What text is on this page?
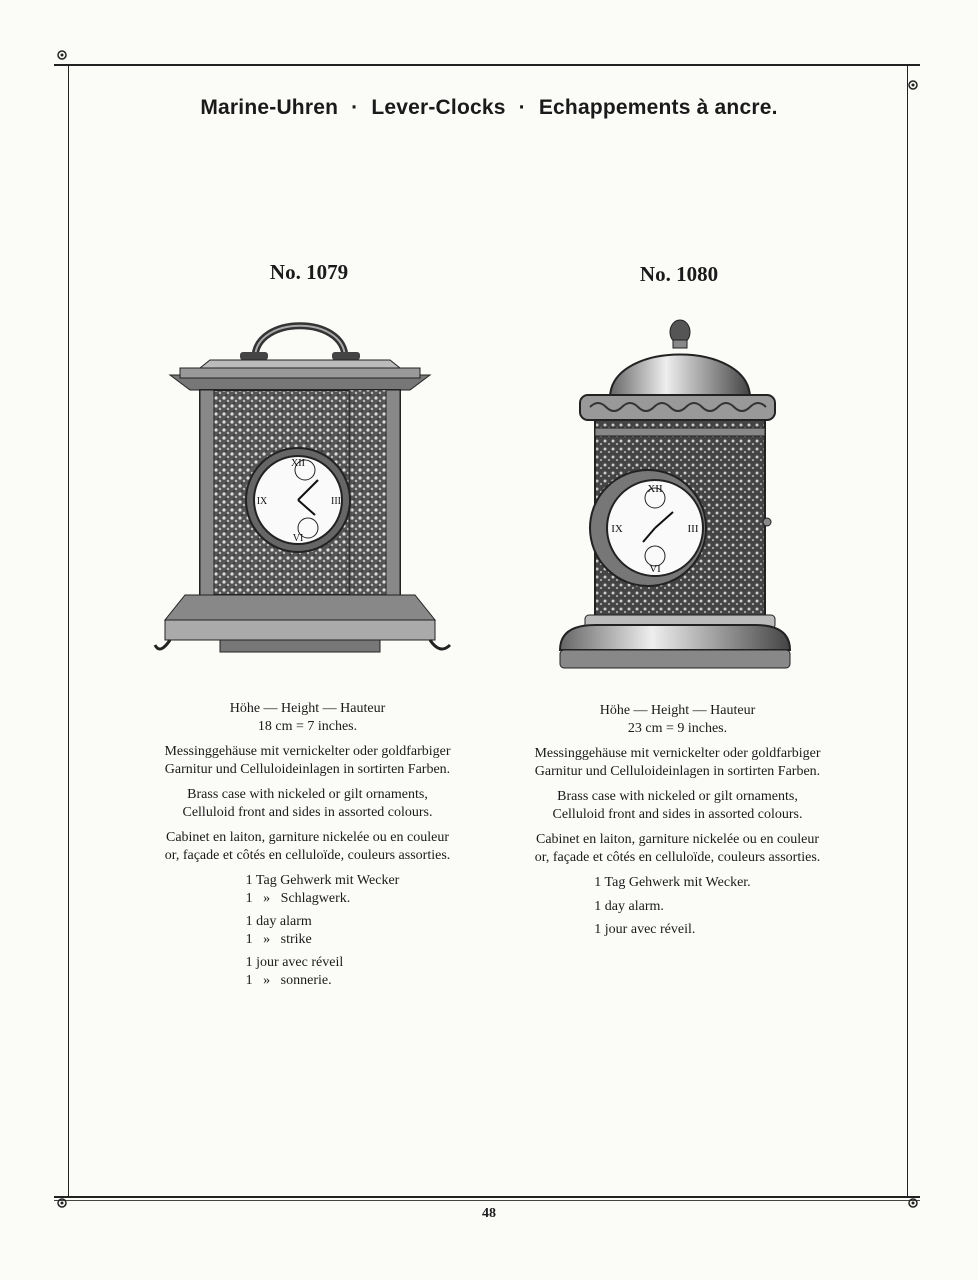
Marine-Uhren · Lever-Clocks · Echappements à ancre.
No. 1079	No. 1080
XII
III
VI
IX
XII
III
VI
IX
Höhe — Height — Hauteur
18 cm = 7 inches.

Messinggehäuse mit vernickelter oder goldfarbiger
Garnitur und Celluloideinlagen in sortirten Farben.

Brass case with nickeled or gilt ornaments,
Celluloid front and sides in assorted colours.

Cabinet en laiton, garniture nickelée ou en couleur
or, façade et côtés en celluloïde, couleurs assorties.

1 Tag Gehwerk mit Wecker
1   »   Schlagwerk.
1 day alarm
1   »   strike
1 jour avec réveil
1   »   sonnerie.
Höhe — Height — Hauteur
23 cm = 9 inches.

Messinggehäuse mit vernickelter oder goldfarbiger
Garnitur und Celluloideinlagen in sortirten Farben.

Brass case with nickeled or gilt ornaments,
Celluloid front and sides in assorted colours.

Cabinet en laiton, garniture nickelée ou en couleur
or, façade et côtés en celluloïde, couleurs assorties.

1 Tag Gehwerk mit Wecker.
1 day alarm.
1 jour avec réveil.
48
